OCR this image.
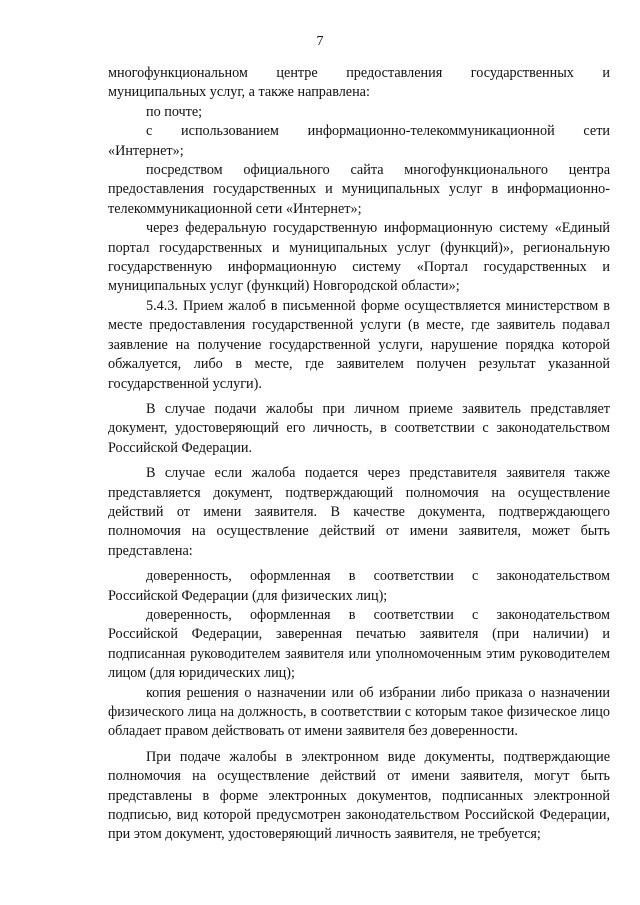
7

многофункциональном центре предоставления государственных и муниципальных услуг, а также направлена:

по почте;

с использованием информационно-телекоммуникационной сети «Интернет»;

посредством официального сайта многофункционального центра предоставления государственных и муниципальных услуг в информационно-телекоммуникационной сети «Интернет»;

через федеральную государственную информационную систему «Единый портал государственных и муниципальных услуг (функций)», региональную государственную информационную систему «Портал государственных и муниципальных услуг (функций) Новгородской области»;

5.4.3. Прием жалоб в письменной форме осуществляется министерством в месте предоставления государственной услуги (в месте, где заявитель подавал заявление на получение государственной услуги, нарушение порядка которой обжалуется, либо в месте, где заявителем получен результат указанной государственной услуги).

В случае подачи жалобы при личном приеме заявитель представляет документ, удостоверяющий его личность, в соответствии с законодательством Российской Федерации.

В случае если жалоба подается через представителя заявителя также представляется документ, подтверждающий полномочия на осуществление действий от имени заявителя. В качестве документа, подтверждающего полномочия на осуществление действий от имени заявителя, может быть представлена:

доверенность, оформленная в соответствии с законодательством Российской Федерации (для физических лиц);

доверенность, оформленная в соответствии с законодательством Российской Федерации, заверенная печатью заявителя (при наличии) и подписанная руководителем заявителя или уполномоченным этим руководителем лицом (для юридических лиц);

копия решения о назначении или об избрании либо приказа о назначении физического лица на должность, в соответствии с которым такое физическое лицо обладает правом действовать от имени заявителя без доверенности.

При подаче жалобы в электронном виде документы, подтверждающие полномочия на осуществление действий от имени заявителя, могут быть представлены в форме электронных документов, подписанных электронной подписью, вид которой предусмотрен законодательством Российской Федерации, при этом документ, удостоверяющий личность заявителя, не требуется;
